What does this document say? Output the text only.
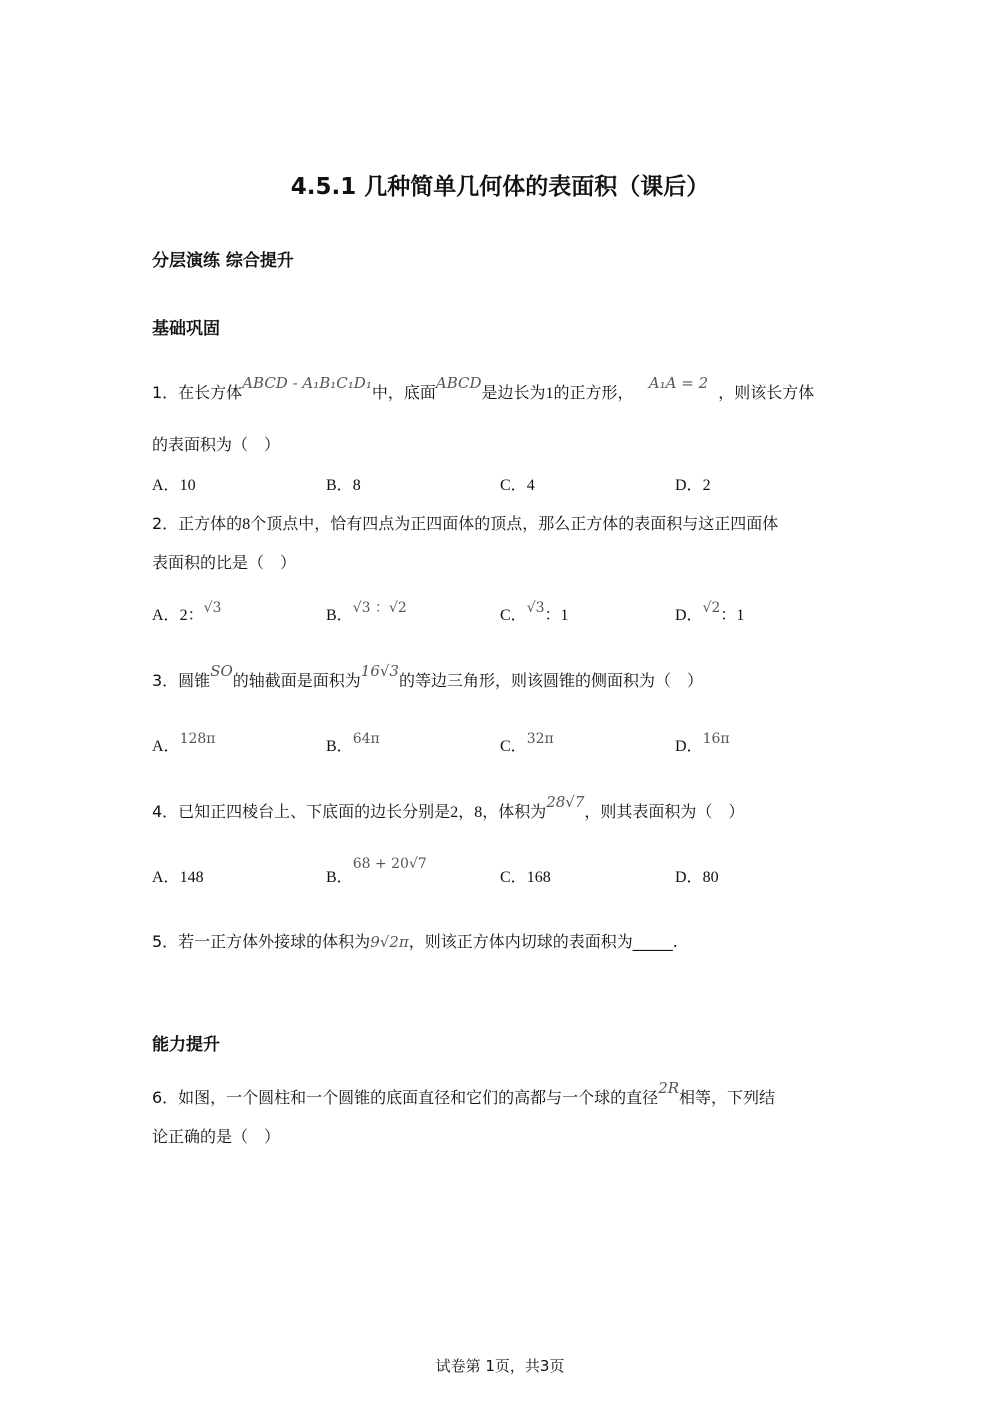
4.5.1 几种简单几何体的表面积（课后）
分层演练 综合提升
基础巩固
1．在长方体ABCD - A₁B₁C₁D₁中，底面ABCD是边长为1的正方形， A₁A = 2 ，则该长方体
的表面积为（　）
A．10	B．8	C．4	D．2
2．正方体的8个顶点中，恰有四点为正四面体的顶点，那么正方体的表面积与这正四面体
表面积的比是（　）
A．2：√3	B．√3 ：√2	C．√3：1	D．√2：1
3．圆锥SO的轴截面是面积为16√3的等边三角形，则该圆锥的侧面积为（　）
A．128π	B．64π	C．32π	D．16π
4．已知正四棱台上、下底面的边长分别是2，8，体积为28√7，则其表面积为（　）
A．148	B．68 + 20√7
C．168	D．80
5．若一正方体外接球的体积为9√2π，则该正方体内切球的表面积为_____.
能力提升
6．如图，一个圆柱和一个圆锥的底面直径和它们的高都与一个球的直径2R相等，下列结
论正确的是（　）
试卷第 1页，共3页
